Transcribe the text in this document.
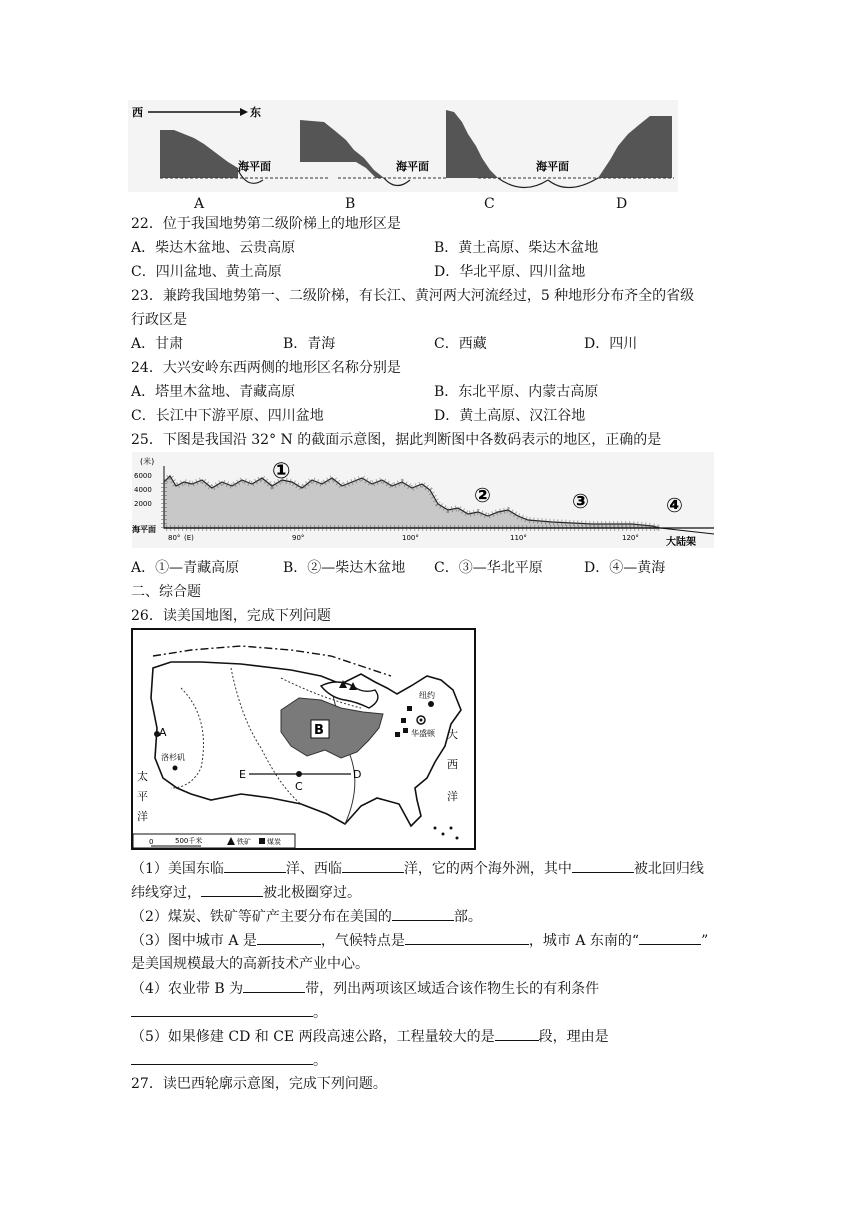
西	东
海平面	海平面	海平面
A	B	C	D
22．位于我国地势第二级阶梯上的地形区是
A．柴达木盆地、云贵高原	B．黄土高原、柴达木盆地
C．四川盆地、黄土高原	D．华北平原、四川盆地
23．兼跨我国地势第一、二级阶梯，有长江、黄河两大河流经过，5 种地形分布齐全的省级
行政区是
A．甘肃	B．青海	C．西藏	D．四川
24．大兴安岭东西两侧的地形区名称分别是
A．塔里木盆地、青藏高原	B．东北平原、内蒙古高原
C．长江中下游平原、四川盆地	D．黄土高原、汉江谷地
25．下图是我国沿 32° N 的截面示意图，据此判断图中各数码表示的地区，正确的是
(米)
6000
4000
2000
海平面
80° (E)	90°	100°	110°	120°
①
②	③	④
大陆架
A．①—青藏高原	B．②—柴达木盆地 C．③—华北平原	D．④—黄海
二、综合题
26．读美国地图，完成下列问题
B
纽约
华盛顿
A
洛杉矶
太
平
洋
大
西
洋
E
C
D
0	500千米	铁矿 煤炭
（1）美国东临	洋、西临	洋，它的两个海外洲，其中	被北回归线
纬线穿过，	被北极圈穿过。
（2）煤炭、铁矿等矿产主要分布在美国的	部。
（3）图中城市 A 是	，气候特点是	，城市 A 东南的“	”
是美国规模最大的高新技术产业中心。
（4）农业带 B 为	带，列出两项该区域适合该作物生长的有利条件
。
（5）如果修建 CD 和 CE 两段高速公路，工程量较大的是	段，理由是
。
27．读巴西轮廓示意图，完成下列问题。
